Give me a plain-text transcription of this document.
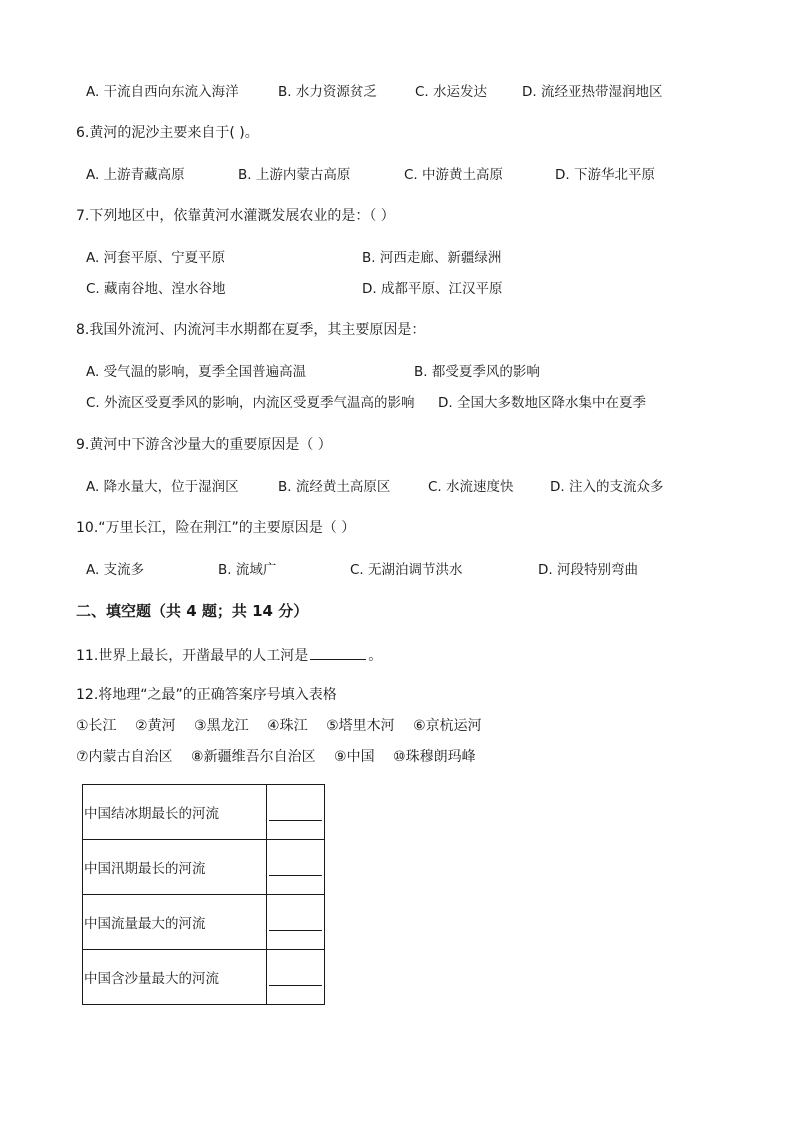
A. 干流自西向东流入海洋	B. 水力资源贫乏	C. 水运发达	D. 流经亚热带湿润地区
6.黄河的泥沙主要来自于( )。
A. 上游青藏高原	B. 上游内蒙古高原	C. 中游黄土高原	D. 下游华北平原
7.下列地区中，依靠黄河水灌溉发展农业的是：（ ）
A. 河套平原、宁夏平原	B. 河西走廊、新疆绿洲
C. 藏南谷地、湟水谷地	D. 成都平原、江汉平原
8.我国外流河、内流河丰水期都在夏季，其主要原因是：
A. 受气温的影响，夏季全国普遍高温	B. 都受夏季风的影响
C. 外流区受夏季风的影响，内流区受夏季气温高的影响 D. 全国大多数地区降水集中在夏季
9.黄河中下游含沙量大的重要原因是（ ）
A. 降水量大，位于湿润区	B. 流经黄土高原区	C. 水流速度快	D. 注入的支流众多
10.“万里长江，险在荆江”的主要原因是（ ）
A. 支流多	B. 流域广	C. 无湖泊调节洪水	D. 河段特别弯曲
二、填空题（共 4 题；共 14 分）
11.世界上最长，开凿最早的人工河是	。
12.将地理“之最”的正确答案序号填入表格
①长江 ②黄河 ③黑龙江 ④珠江 ⑤塔里木河 ⑥京杭运河
⑦内蒙古自治区 ⑧新疆维吾尔自治区 ⑨中国 ⑩珠穆朗玛峰
中国结冰期最长的河流	

中国汛期最长的河流	

中国流量最大的河流	

中国含沙量最大的河流	
